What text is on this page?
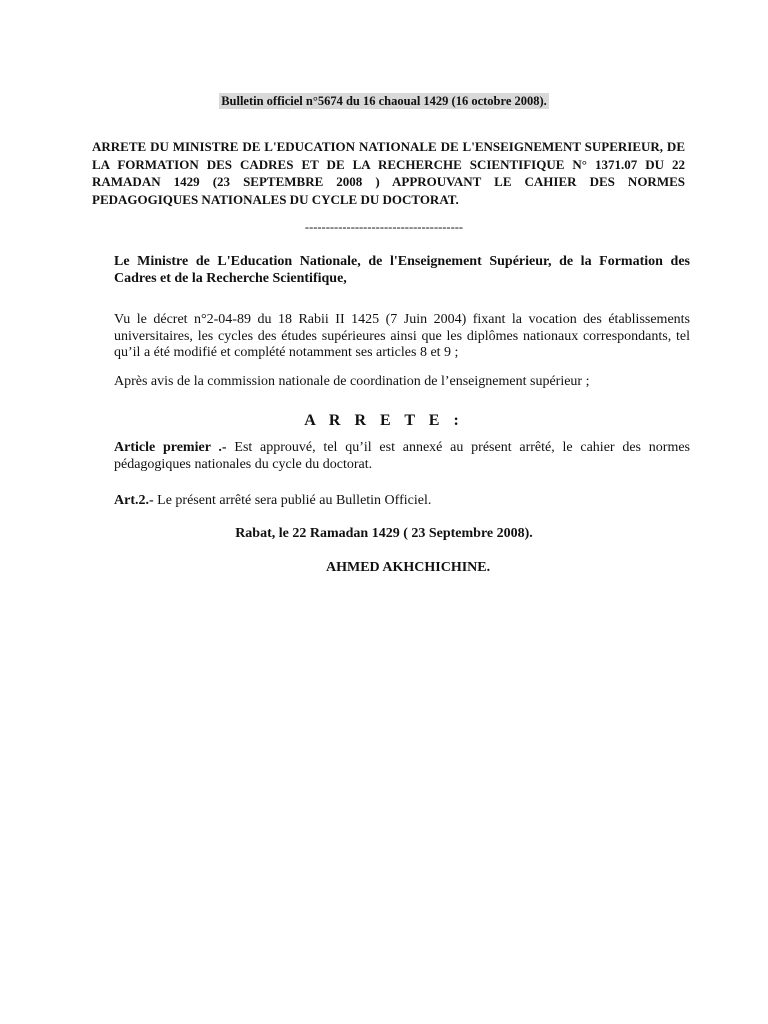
Bulletin officiel n°5674 du 16 chaoual 1429 (16 octobre 2008).
ARRETE DU MINISTRE DE L'EDUCATION NATIONALE DE L'ENSEIGNEMENT SUPERIEUR, DE LA FORMATION DES CADRES ET DE LA RECHERCHE SCIENTIFIQUE N° 1371.07 DU 22 RAMADAN 1429 (23 SEPTEMBRE 2008 ) APPROUVANT LE CAHIER DES NORMES PEDAGOGIQUES NATIONALES DU CYCLE DU DOCTORAT.
--------------------------------------
Le Ministre de L'Education Nationale, de l'Enseignement Supérieur, de la Formation des Cadres et de la Recherche Scientifique,
Vu le décret n°2-04-89 du 18 Rabii II 1425 (7 Juin 2004) fixant la vocation des établissements universitaires, les cycles des études supérieures ainsi que les diplômes nationaux correspondants, tel qu’il a été modifié et complété notamment ses articles 8 et 9 ;
Après avis de la commission nationale de coordination de l’enseignement supérieur ;
A R R E T E :
Article premier .- Est approuvé, tel qu’il est annexé au présent arrêté, le cahier des normes pédagogiques nationales du cycle du doctorat.
Art.2.- Le présent arrêté sera publié au Bulletin Officiel.
Rabat, le 22 Ramadan 1429 ( 23 Septembre 2008).
AHMED AKHCHICHINE.
